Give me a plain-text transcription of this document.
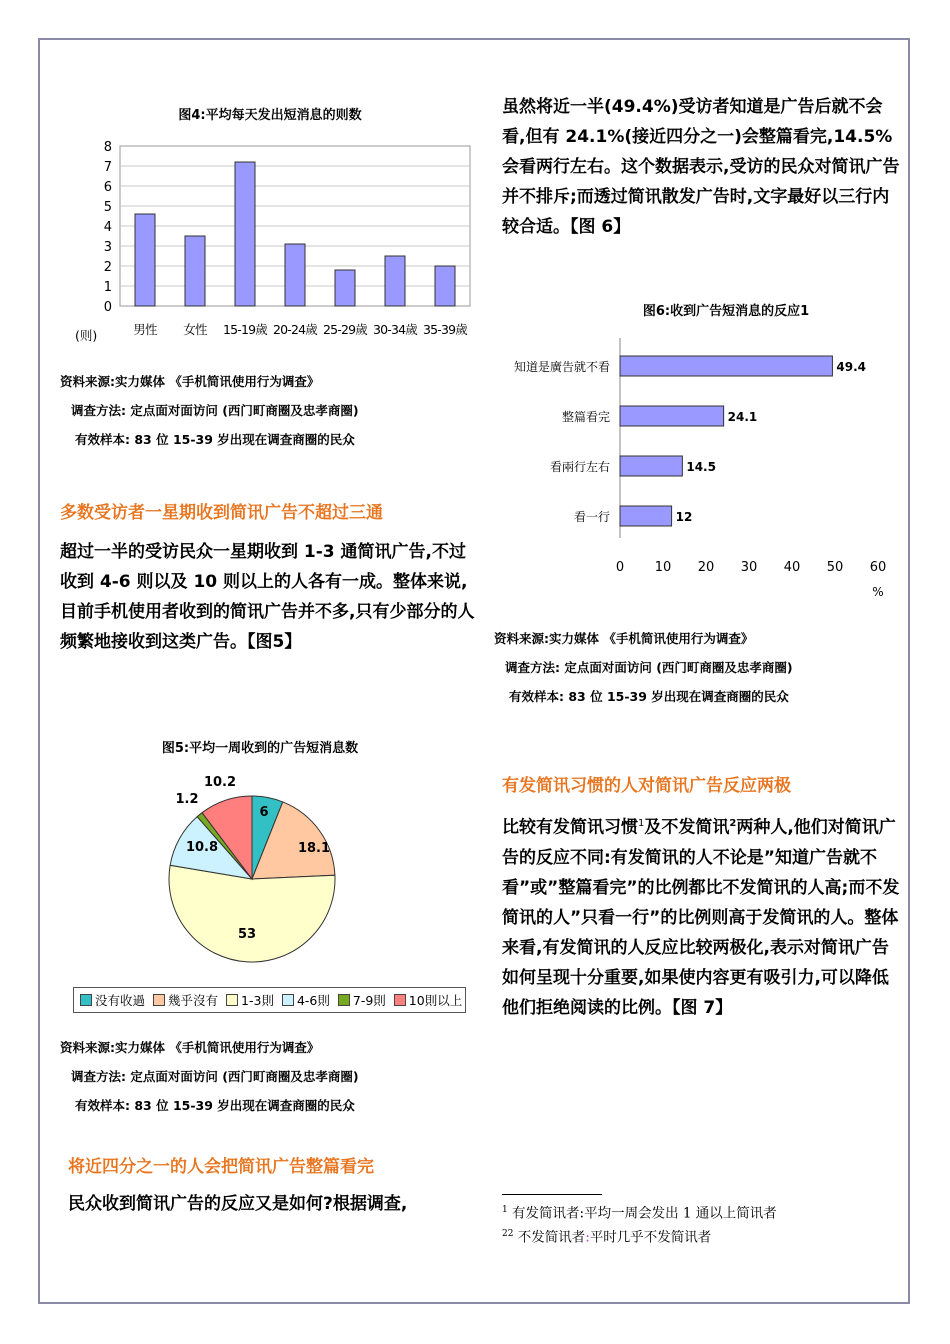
图4:平均每天发出短消息的则数
0
1
2
3
4
5
6
7
8
男性 女性 15-19歲 20-24歲 25-29歲 30-34歲 35-39歲
(则)
资料来源:实力媒体 《手机简讯使用行为调查》
调查方法: 定点面对面访问 (西门町商圈及忠孝商圈)
有效样本: 83 位 15-39 岁出现在调查商圈的民众
多数受访者一星期收到简讯广告不超过三通
超过一半的受访民众一星期收到 1-3 通简讯广告,不过收到 4-6 则以及 10 则以上的人各有一成。整体来说,目前手机使用者收到的简讯广告并不多,只有少部分的人频繁地接收到这类广告。【图5】
图5:平均一周收到的广告短消息数
6
18.1
53
10.8
1.2
10.2
没有收過 幾乎沒有 1-3則 4-6則 7-9則 10則以上
资料来源:实力媒体 《手机简讯使用行为调查》
调查方法: 定点面对面访问 (西门町商圈及忠孝商圈)
有效样本: 83 位 15-39 岁出现在调查商圈的民众
将近四分之一的人会把简讯广告整篇看完
民众收到简讯广告的反应又是如何?根据调查,
虽然将近一半(49.4%)受访者知道是广告后就不会看,但有 24.1%(接近四分之一)会整篇看完,14.5%会看两行左右。这个数据表示,受访的民众对简讯广告并不排斥;而透过简讯散发广告时,文字最好以三行内较合适。【图 6】
图6:收到广告短消息的反应1
49.4
知道是廣告就不看
24.1
整篇看完
14.5
看兩行左右
12
看一行
0 10 20 30 40 50 60
%
资料来源:实力媒体 《手机简讯使用行为调查》
调查方法: 定点面对面访问 (西门町商圈及忠孝商圈)
有效样本: 83 位 15-39 岁出现在调查商圈的民众
有发简讯习惯的人对简讯广告反应两极
比较有发简讯习惯$^1$及不发简讯$^2$两种人,他们对简讯广告的反应不同:有发简讯的人不论是”知道广告就不看”或”整篇看完”的比例都比不发简讯的人高;而不发简讯的人”只看一行”的比例则高于发简讯的人。整体来看,有发简讯的人反应比较两极化,表示对简讯广告如何呈现十分重要,如果使内容更有吸引力,可以降低他们拒绝阅读的比例。【图 7】
$^1$ 有发简讯者:平均一周会发出 1 通以上简讯者
$^{22}$ 不发简讯者:平时几乎不发简讯者
